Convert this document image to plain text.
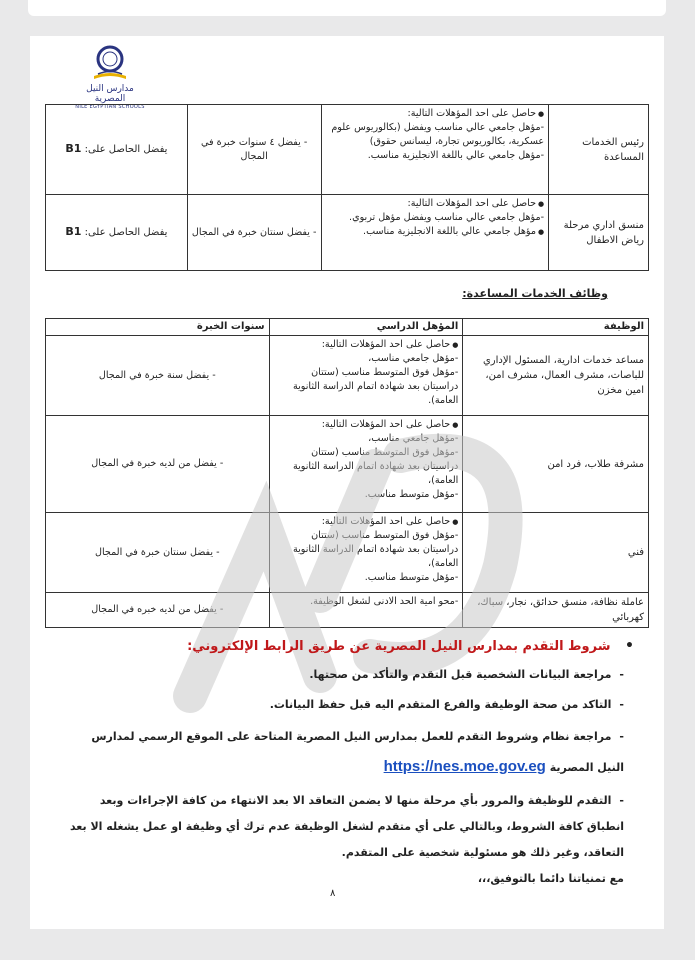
مدارس النيل المصرية
NILE EGYPTIAN SCHOOLS
رئيس الخدمات المساعدة	● حاصل على احد المؤهلات التالية:
-مؤهل جامعي عالي مناسب ويفضل (بكالوريوس علوم عسكرية، بكالوريوس تجارة، ليسانس حقوق)
-مؤهل جامعي عالي باللغة الانجليزية مناسب.	- يفضل ٤ سنوات خبرة في المجال	يفضل الحاصل على: B1
منسق اداري مرحلة رياض الاطفال	● حاصل على احد المؤهلات التالية:
-مؤهل جامعي عالي مناسب ويفضل مؤهل تربوي.
● مؤهل جامعي عالي باللغة الانجليزية مناسب.	- يفضل سنتان خبرة في المجال	يفضل الحاصل على: B1
وظائف الخدمات المساعدة:
الوظيفة	المؤهل الدراسي	سنوات الخبرة
مساعد خدمات ادارية، المسئول الإداري للباصات، مشرف العمال، مشرف امن، امين مخزن	● حاصل على احد المؤهلات التالية:
-مؤهل جامعي مناسب،
-مؤهل فوق المتوسط مناسب (ستتان دراسيتان بعد شهادة اتمام الدراسة الثانوية العامة).	- يفضل سنة خبرة في المجال
مشرفة طلاب، فرد امن	● حاصل على احد المؤهلات التالية:
-مؤهل جامعي مناسب،
-مؤهل فوق المتوسط مناسب (ستتان دراسيتان بعد شهادة اتمام الدراسة الثانوية العامة)،
-مؤهل متوسط مناسب.	- يفضل من لديه خبرة في المجال
فني	● حاصل على احد المؤهلات التالية:
-مؤهل فوق المتوسط مناسب (ستتان دراسيتان بعد شهادة اتمام الدراسة الثانوية العامة)،
-مؤهل متوسط مناسب.	- يفضل سنتان خبرة في المجال
عاملة نظافة، منسق حدائق، نجار، سباك، كهربائي	-محو امية الحد الادنى لشغل الوظيفة.	- يفضل من لديه خبره في المجال
• شروط التقدم بمدارس النيل المصرية عن طريق الرابط الإلكتروني:
-مراجعة البيانات الشخصية قبل التقدم والتأكد من صحتها.
-التاكد من صحة الوظيفة والفرع المتقدم اليه قبل حفظ البيانات.
-مراجعة نظام وشروط التقدم للعمل بمدارس النيل المصرية المتاحة على الموقع الرسمي لمدارس النيل المصرية https://nes.moe.gov.eg
-التقدم للوظيفة والمرور بأي مرحلة منها لا يضمن التعاقد الا بعد الانتهاء من كافة الإجراءات وبعد
انطباق كافة الشروط، وبالتالي على أي متقدم لشغل الوظيفة عدم ترك أي وظيفة او عمل يشغله الا بعد
التعاقد، وغير ذلك هو مسئولية شخصية على المتقدم.
مع تمنياتنا دائما بالتوفيق،،،
٨
